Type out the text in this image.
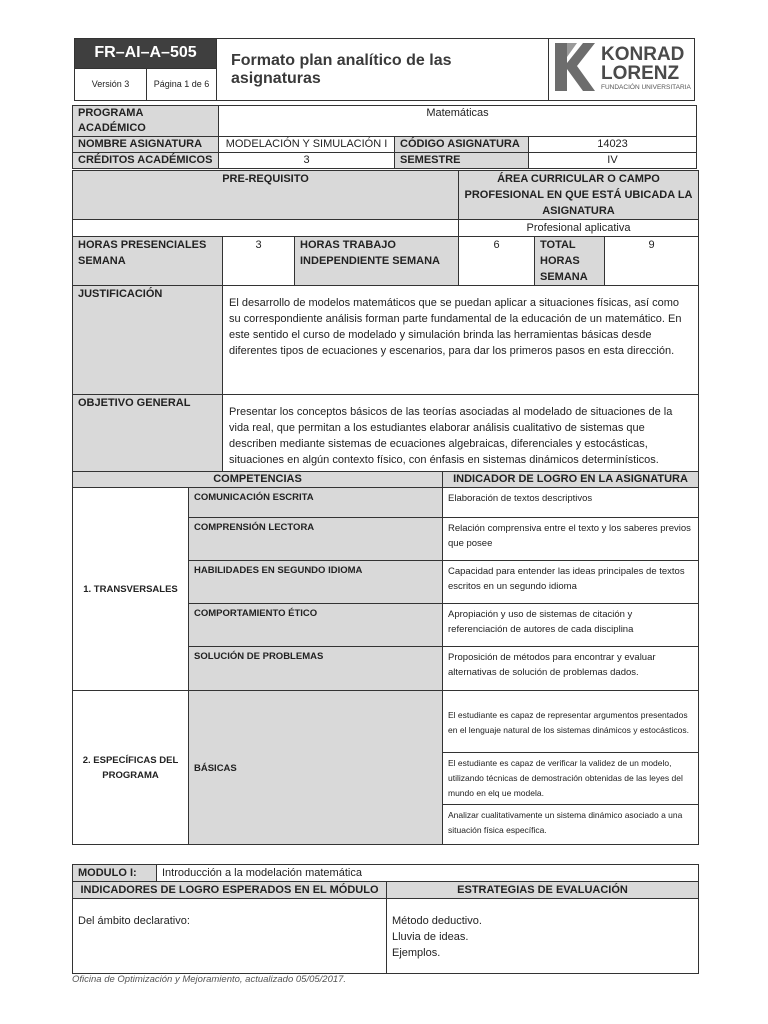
FR–AI–A–505		Formato plan analítico de las asignaturas	KONRAD
LORENZ
FUNDACIÓN UNIVERSITARIA

Versión 3	Página 1 de 6		
PROGRAMA ACADÉMICO	Matemáticas		
NOMBRE ASIGNATURA	MODELACIÓN Y SIMULACIÓN I	CÓDIGO ASIGNATURA	14023
CRÉDITOS ACADÉMICOS	3	SEMESTRE	IV
PRE-REQUISITO			ÁREA CURRICULAR O CAMPO PROFESIONAL EN QUE ESTÁ UBICADA LA ASIGNATURA		
			Profesional aplicativa		
HORAS PRESENCIALES SEMANA	3	HORAS TRABAJO INDEPENDIENTE SEMANA	6	TOTAL HORAS SEMANA	9
JUSTIFICACIÓN	El desarrollo de modelos matemáticos que se puedan aplicar a situaciones físicas, así como su correspondiente análisis forman parte fundamental de la educación de un matemático. En este sentido el curso de modelado y simulación brinda las herramientas básicas desde diferentes tipos de ecuaciones y escenarios, para dar los primeros pasos en esta dirección.				
OBJETIVO GENERAL	Presentar los conceptos básicos de las teorías asociadas al modelado de situaciones de la vida real, que permitan a los estudiantes elaborar análisis cualitativo de sistemas que describen mediante sistemas de ecuaciones algebraicas, diferenciales y estocásticas, situaciones en algún contexto físico, con énfasis en sistemas dinámicos determinísticos.				
COMPETENCIAS		INDICADOR DE LOGRO EN LA ASIGNATURA
1. TRANSVERSALES	COMUNICACIÓN ESCRITA	Elaboración de textos descriptivos
	COMPRENSIÓN LECTORA	Relación comprensiva entre el texto y los saberes previos que posee
	HABILIDADES EN SEGUNDO IDIOMA	Capacidad para entender las ideas principales de textos escritos en un segundo idioma
	COMPORTAMIENTO ÉTICO	Apropiación y uso de sistemas de citación y referenciación de autores de cada disciplina
	SOLUCIÓN DE PROBLEMAS	Proposición de métodos para encontrar y evaluar alternativas de solución de problemas dados.
2. ESPECÍFICAS DEL PROGRAMA	BÁSICAS	El estudiante es capaz de representar argumentos presentados en el lenguaje natural de los sistemas dinámicos y estocásticos.
		El estudiante es capaz de verificar la validez de un modelo, utilizando técnicas de demostración obtenidas de las leyes del mundo en elq ue modela.
		Analizar cualitativamente un sistema dinámico asociado a una situación física específica.
MODULO I:	Introducción a la modelación matemática	
INDICADORES DE LOGRO ESPERADOS EN EL MÓDULO		ESTRATEGIAS DE EVALUACIÓN
Del ámbito declarativo:		Método deductivo.
Lluvia de ideas.
Ejemplos.
Oficina de Optimización y Mejoramiento, actualizado 05/05/2017.
